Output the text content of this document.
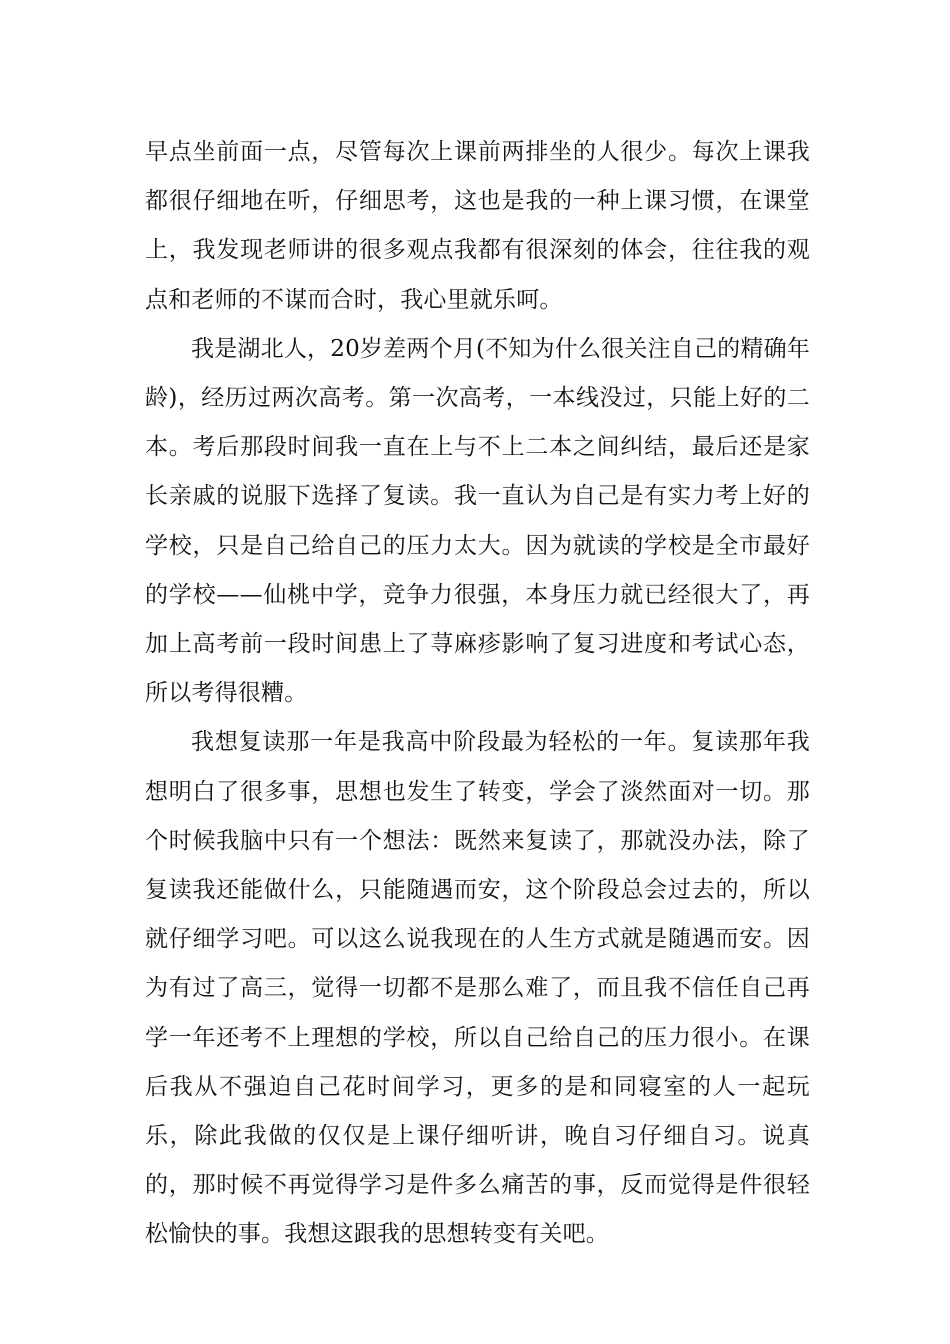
早点坐前面一点，尽管每次上课前两排坐的人很少。每次上课我都很仔细地在听，仔细思考，这也是我的一种上课习惯，在课堂上，我发现老师讲的很多观点我都有很深刻的体会，往往我的观点和老师的不谋而合时，我心里就乐呵。

我是湖北人，20岁差两个月(不知为什么很关注自己的精确年龄)，经历过两次高考。第一次高考，一本线没过，只能上好的二本。考后那段时间我一直在上与不上二本之间纠结，最后还是家长亲戚的说服下选择了复读。我一直认为自己是有实力考上好的学校，只是自己给自己的压力太大。因为就读的学校是全市最好的学校——仙桃中学，竞争力很强，本身压力就已经很大了，再加上高考前一段时间患上了荨麻疹影响了复习进度和考试心态，所以考得很糟。

我想复读那一年是我高中阶段最为轻松的一年。复读那年我想明白了很多事，思想也发生了转变，学会了淡然面对一切。那个时候我脑中只有一个想法：既然来复读了，那就没办法，除了复读我还能做什么，只能随遇而安，这个阶段总会过去的，所以就仔细学习吧。可以这么说我现在的人生方式就是随遇而安。因为有过了高三，觉得一切都不是那么难了，而且我不信任自己再学一年还考不上理想的学校，所以自己给自己的压力很小。在课后我从不强迫自己花时间学习，更多的是和同寝室的人一起玩乐，除此我做的仅仅是上课仔细听讲，晚自习仔细自习。说真的，那时候不再觉得学习是件多么痛苦的事，反而觉得是件很轻松愉快的事。我想这跟我的思想转变有关吧。
